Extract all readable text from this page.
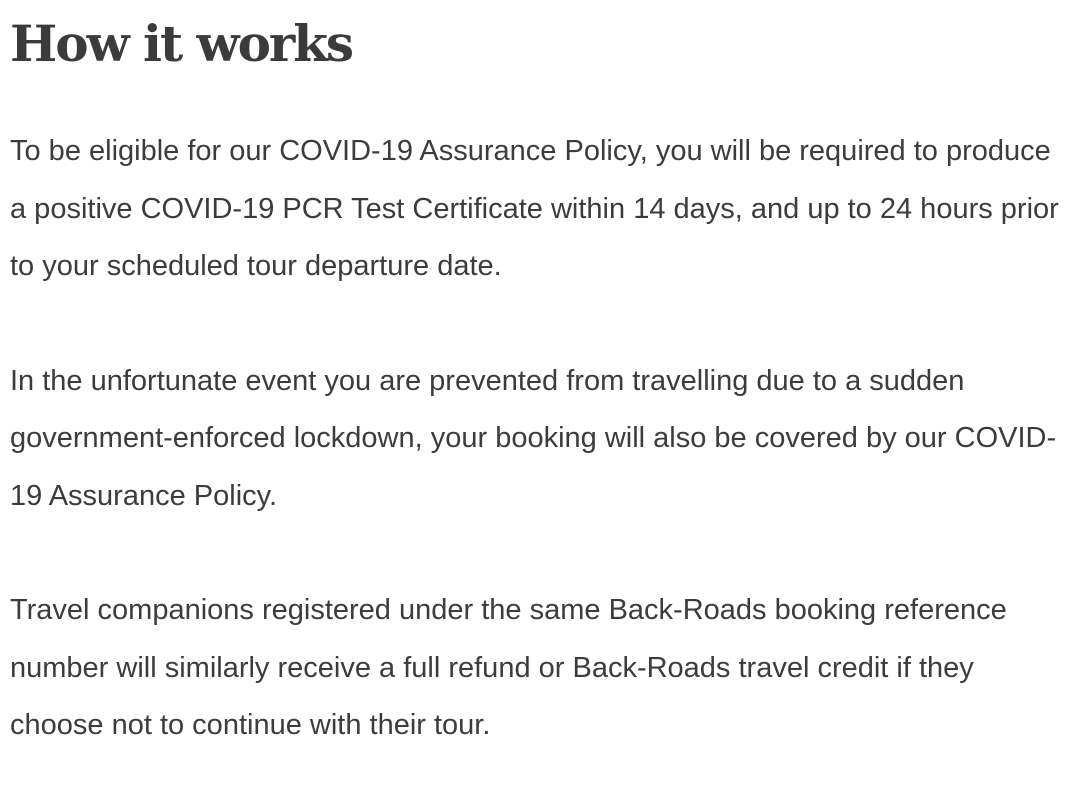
How it works

To be eligible for our COVID-19 Assurance Policy, you will be required to produce a positive COVID-19 PCR Test Certificate within 14 days, and up to 24 hours prior to your scheduled tour departure date.

In the unfortunate event you are prevented from travelling due to a sudden government-enforced lockdown, your booking will also be covered by our COVID-19 Assurance Policy.

Travel companions registered under the same Back-Roads booking reference number will similarly receive a full refund or Back-Roads travel credit if they choose not to continue with their tour.
